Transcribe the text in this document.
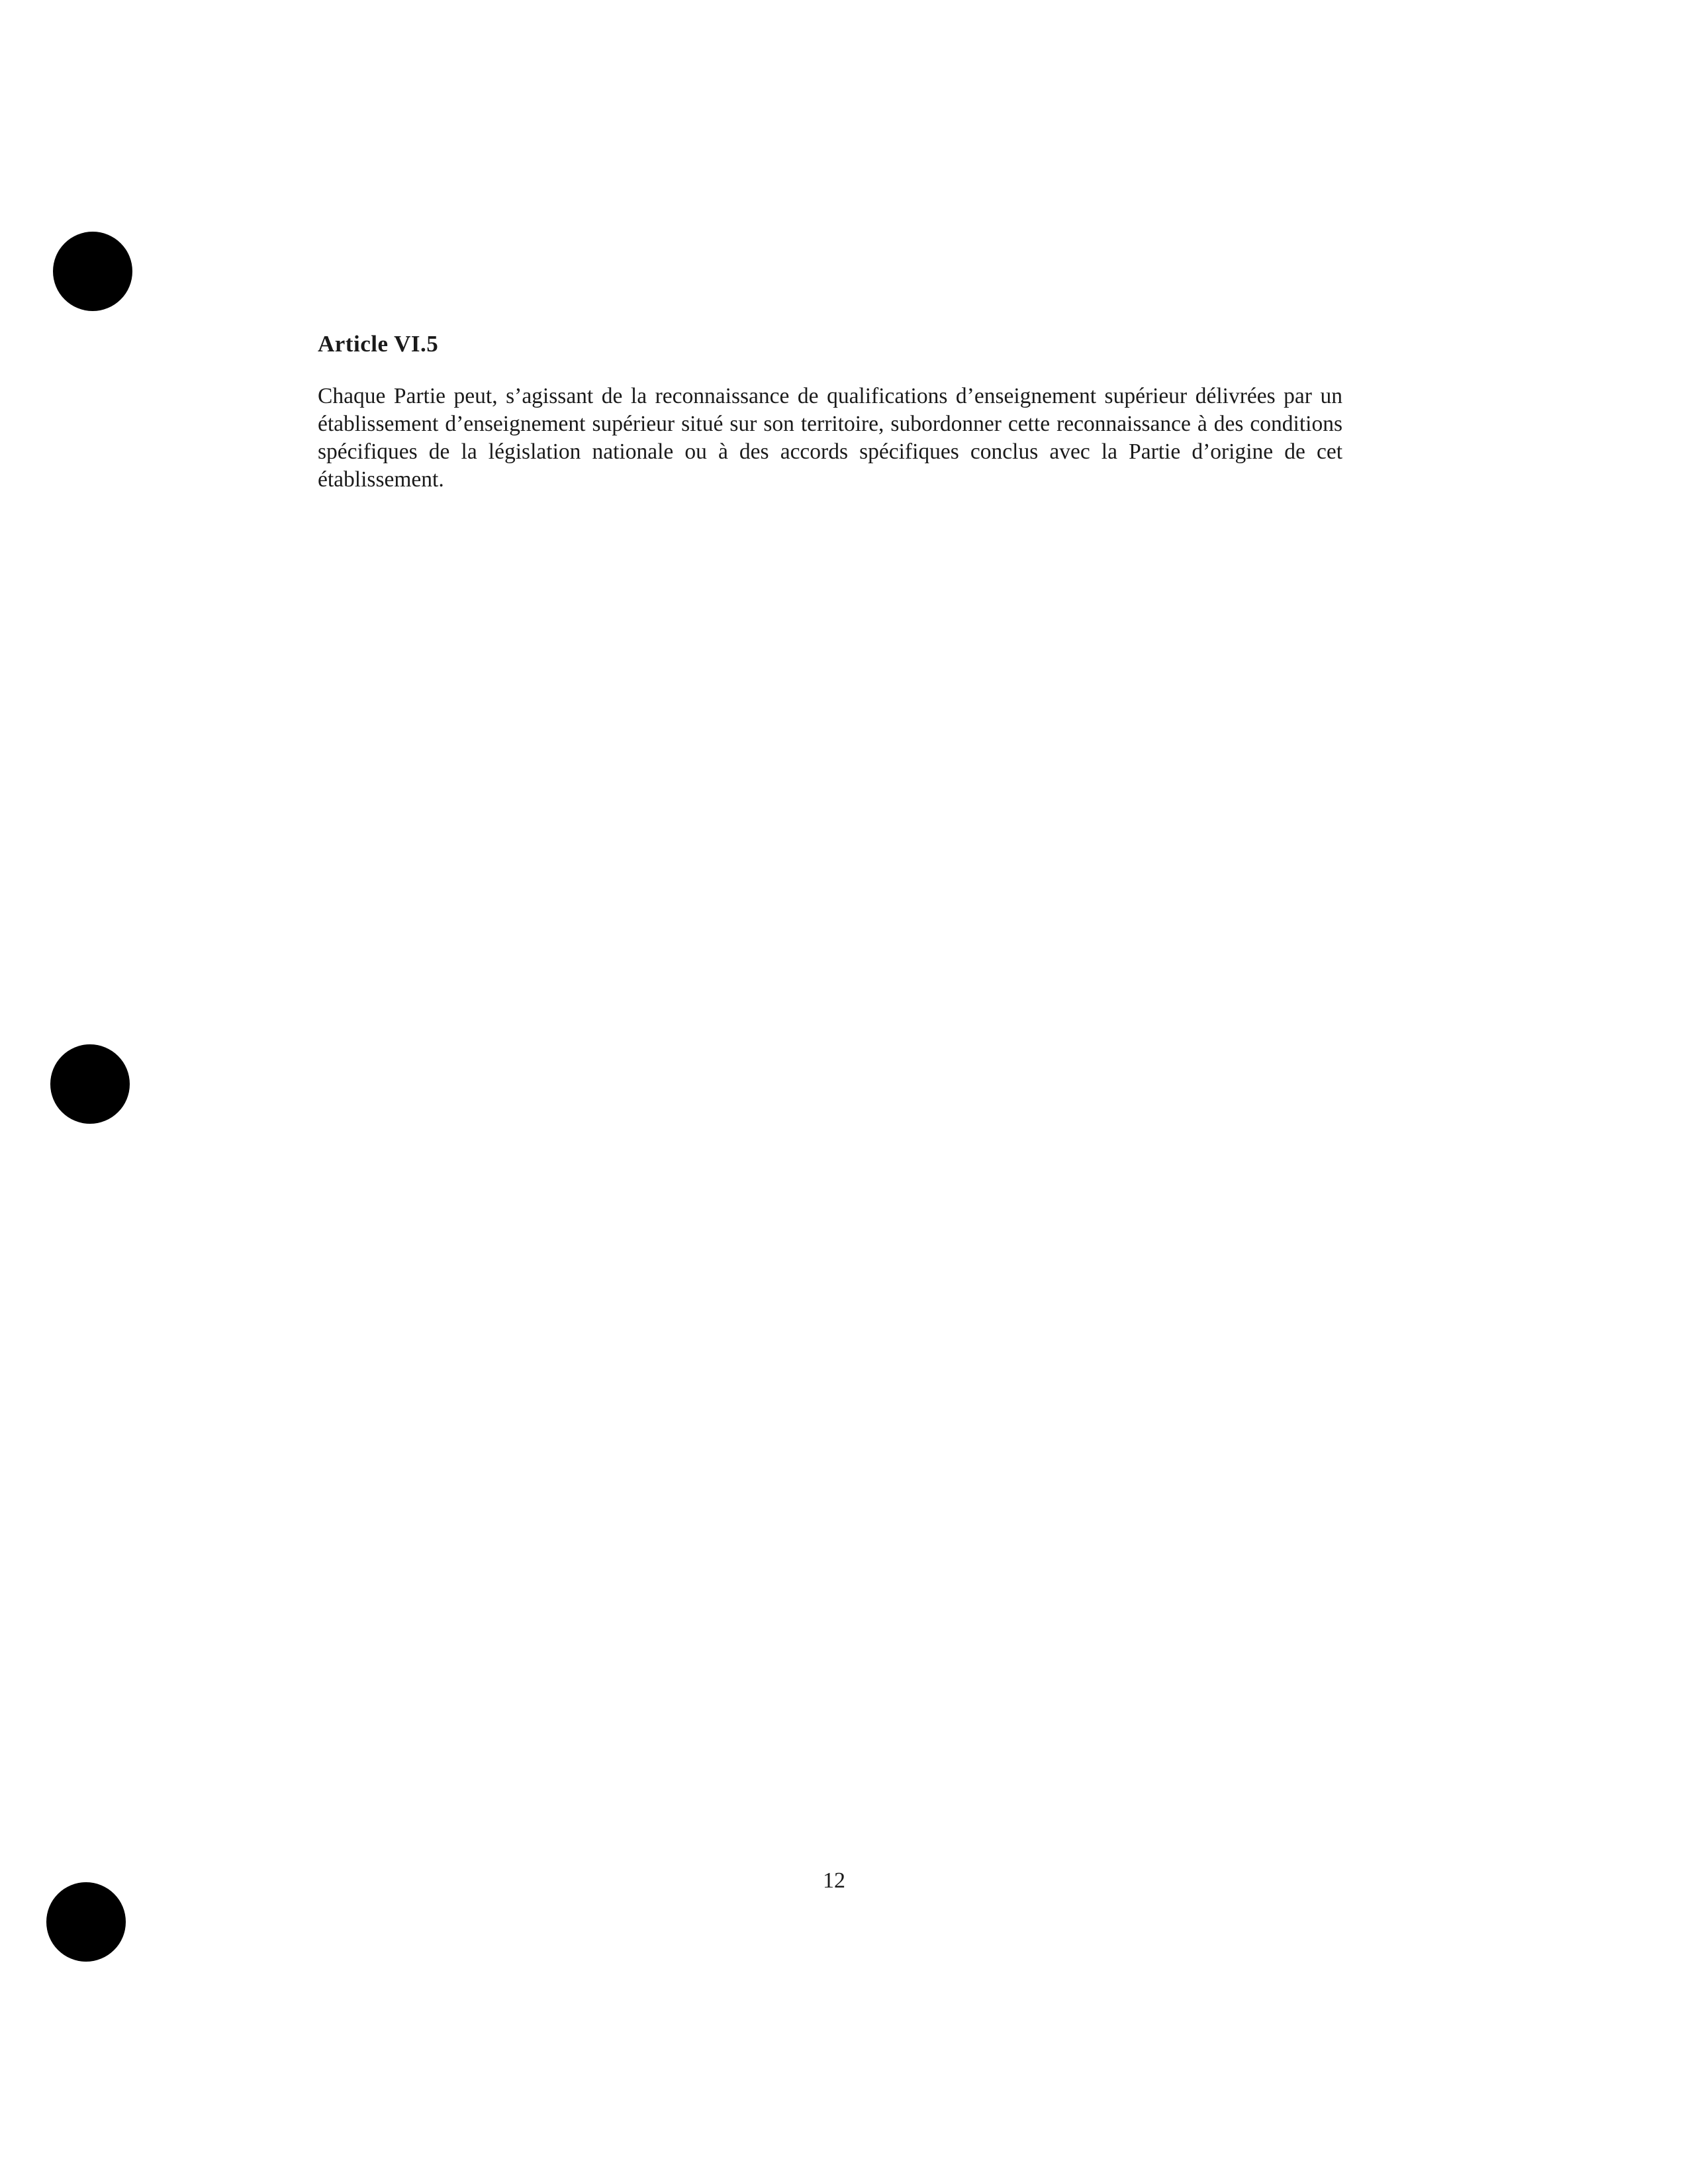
Article VI.5

Chaque Partie peut, s’agissant de la reconnaissance de qualifications d’enseignement supérieur délivrées par un établissement d’enseignement supérieur situé sur son territoire, subordonner cette reconnaissance à des conditions spécifiques de la législation nationale ou à des accords spécifiques conclus avec la Partie d’origine de cet établissement.

12
